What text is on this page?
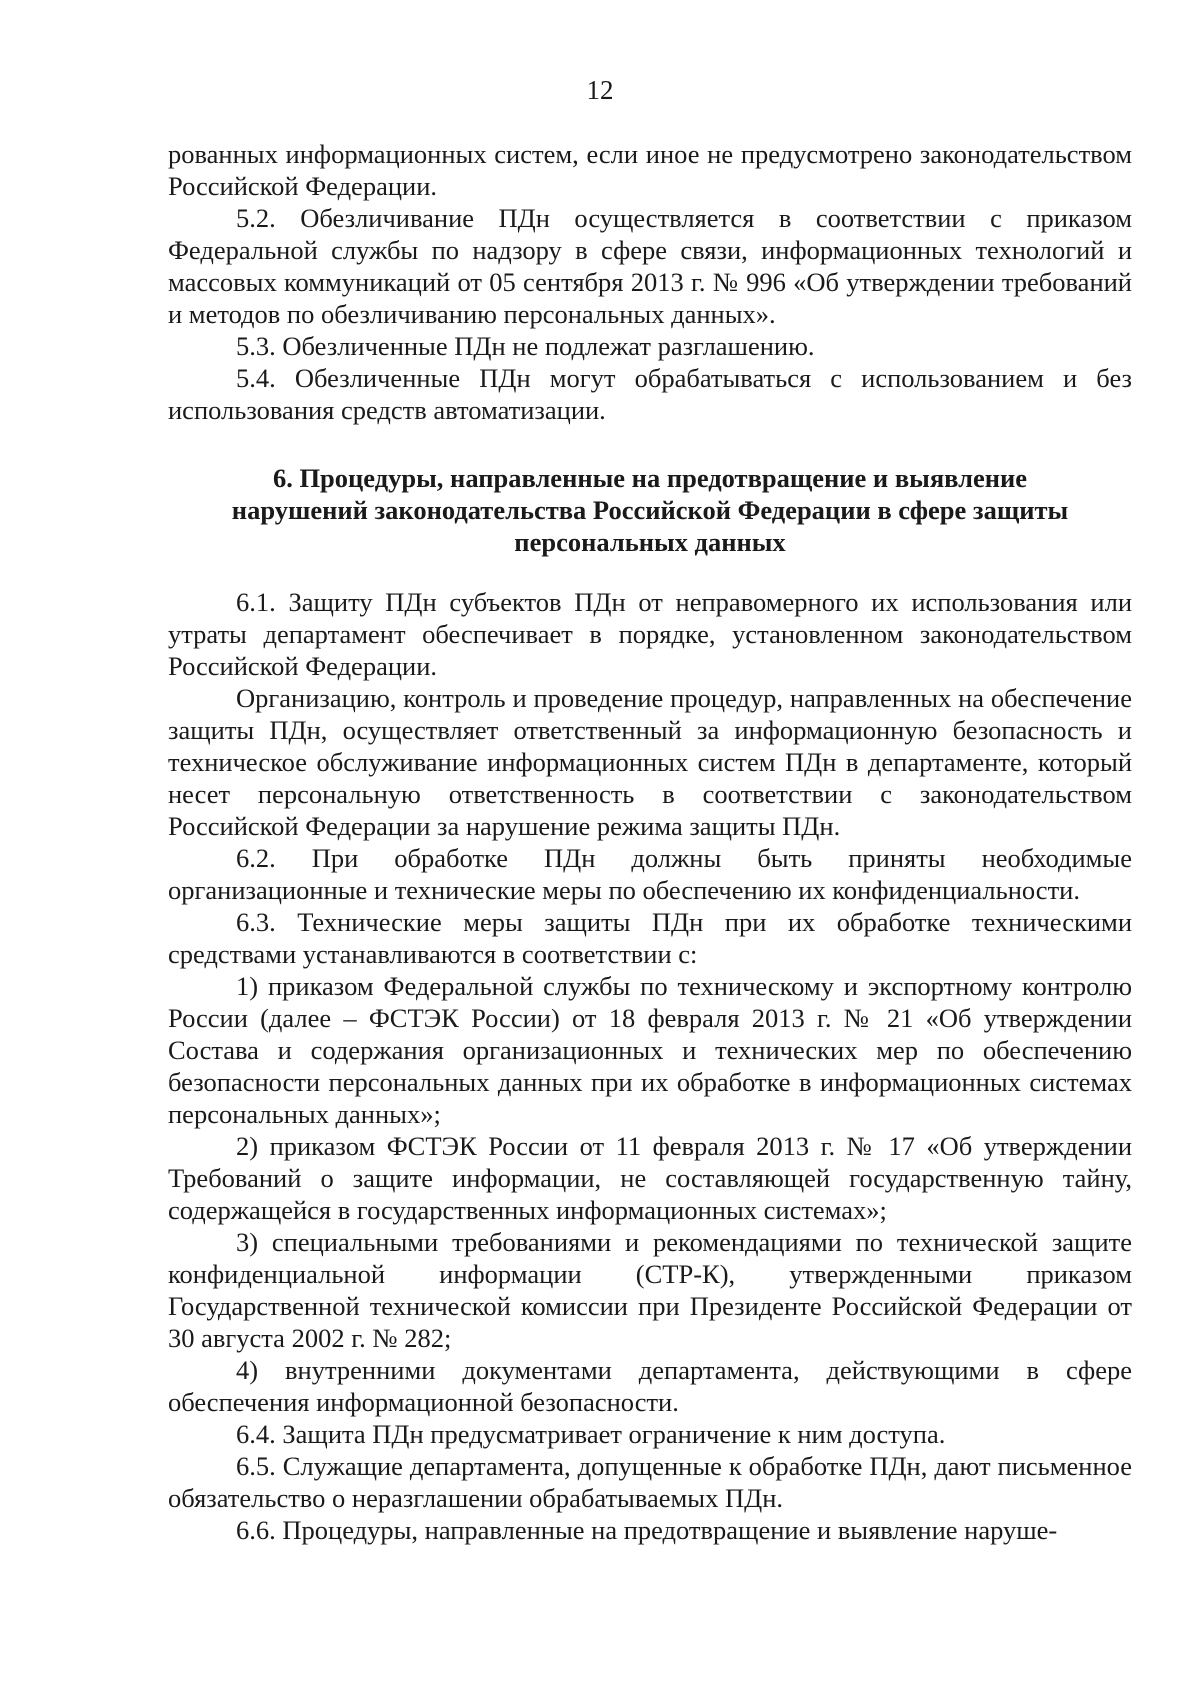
12

рованных информационных систем, если иное не предусмотрено законодательством Российской Федерации.

5.2. Обезличивание ПДн осуществляется в соответствии с приказом Федеральной службы по надзору в сфере связи, информационных технологий и массовых коммуникаций от 05 сентября 2013 г. № 996 «Об утверждении требований и методов по обезличиванию персональных данных».

5.3. Обезличенные ПДн не подлежат разглашению.

5.4. Обезличенные ПДн могут обрабатываться с использованием и без использования средств автоматизации.

6. Процедуры, направленные на предотвращение и выявление нарушений законодательства Российской Федерации в сфере защиты персональных данных

6.1. Защиту ПДн субъектов ПДн от неправомерного их использования или утраты департамент обеспечивает в порядке, установленном законодательством Российской Федерации.

Организацию, контроль и проведение процедур, направленных на обеспечение защиты ПДн, осуществляет ответственный за информационную безопасность и техническое обслуживание информационных систем ПДн в департаменте, который несет персональную ответственность в соответствии с законодательством Российской Федерации за нарушение режима защиты ПДн.

6.2. При обработке ПДн должны быть приняты необходимые организационные и технические меры по обеспечению их конфиденциальности.

6.3. Технические меры защиты ПДн при их обработке техническими средствами устанавливаются в соответствии с:

1) приказом Федеральной службы по техническому и экспортному контролю России (далее – ФСТЭК России) от 18 февраля 2013 г. № 21 «Об утверждении Состава и содержания организационных и технических мер по обеспечению безопасности персональных данных при их обработке в информационных системах персональных данных»;

2) приказом ФСТЭК России от 11 февраля 2013 г. № 17 «Об утверждении Требований о защите информации, не составляющей государственную тайну, содержащейся в государственных информационных системах»;

3) специальными требованиями и рекомендациями по технической защите конфиденциальной информации (СТР-К), утвержденными приказом Государственной технической комиссии при Президенте Российской Федерации от 30 августа 2002 г. № 282;

4) внутренними документами департамента, действующими в сфере обеспечения информационной безопасности.

6.4. Защита ПДн предусматривает ограничение к ним доступа.

6.5. Служащие департамента, допущенные к обработке ПДн, дают письменное обязательство о неразглашении обрабатываемых ПДн.

6.6. Процедуры, направленные на предотвращение и выявление наруше-
